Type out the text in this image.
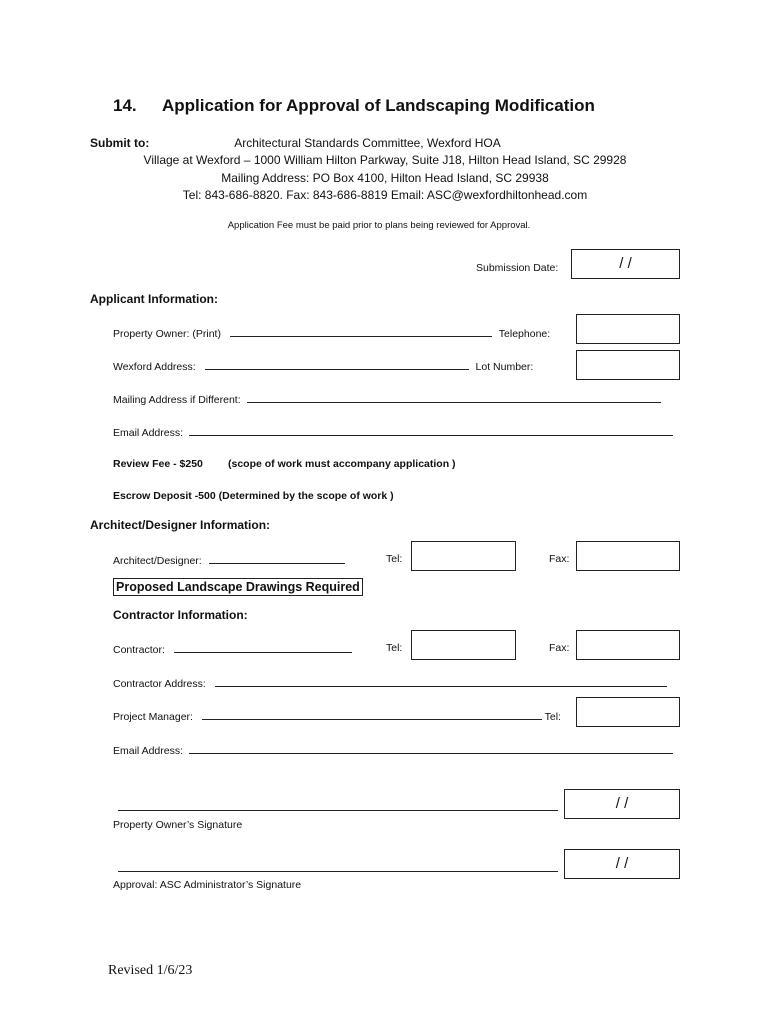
14. Application for Approval of Landscaping Modification
Submit to:	Architectural Standards Committee, Wexford HOA
Village at Wexford – 1000 William Hilton Parkway, Suite J18, Hilton Head Island, SC 29928
Mailing Address: PO Box 4100, Hilton Head Island, SC 29938
Tel: 843-686-8820. Fax: 843-686-8819 Email: ASC@wexfordhiltonhead.com
Application Fee must be paid prior to plans being reviewed for Approval.
Submission Date:	/ /
Applicant Information:
Property Owner: (Print)	Telephone:
Wexford Address:	Lot Number:
Mailing Address if Different:
Email Address:
Review Fee - $250 (scope of work must accompany application )
Escrow Deposit -500 (Determined by the scope of work )
Architect/Designer Information:
Architect/Designer:	Tel:	Fax:
Proposed Landscape Drawings Required
Contractor Information:
Contractor:	Tel:	Fax:
Contractor Address:
Project Manager:	Tel:
Email Address:
/ /
Property Owner’s Signature
/ /
Approval: ASC Administrator’s Signature
Revised 1/6/23
